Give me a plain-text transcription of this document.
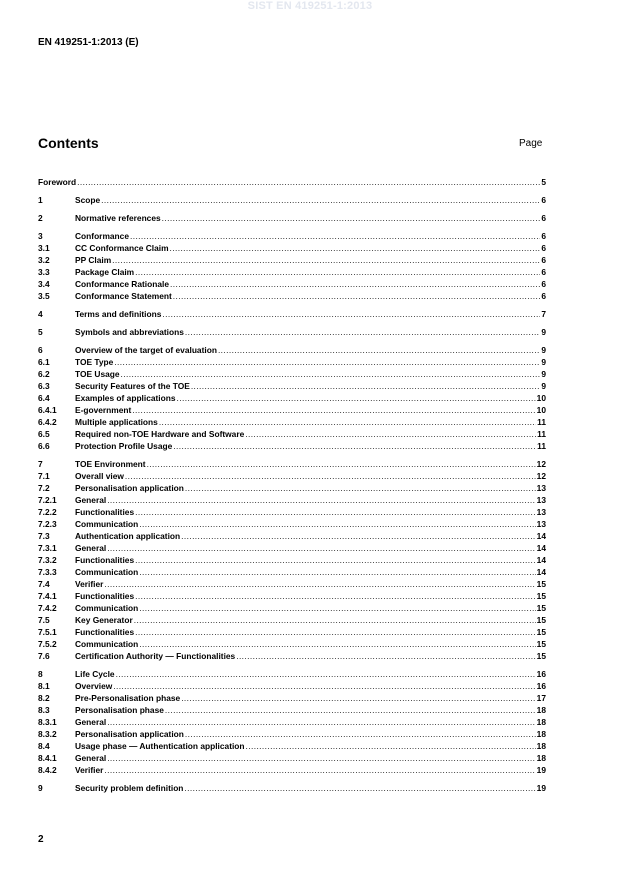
SIST EN 419251-1:2013
EN 419251-1:2013 (E)
Contents	Page
Foreword .....	5
1	Scope .....	6
2	Normative references .....	6
3	Conformance .....	6
3.1	CC Conformance Claim .....	6
3.2	PP Claim .....	6
3.3	Package Claim .....	6
3.4	Conformance Rationale .....	6
3.5	Conformance Statement .....	6
4	Terms and definitions .....	7
5	Symbols and abbreviations .....	9
6	Overview of the target of evaluation .....	9
6.1	TOE Type .....	9
6.2	TOE Usage .....	9
6.3	Security Features of the TOE .....	9
6.4	Examples of applications .....	10
6.4.1	E-government .....	10
6.4.2	Multiple applications .....	11
6.5	Required non-TOE Hardware and Software .....	11
6.6	Protection Profile Usage .....	11
7	TOE Environment .....	12
7.1	Overall view .....	12
7.2	Personalisation application .....	13
7.2.1	General .....	13
7.2.2	Functionalities .....	13
7.2.3	Communication .....	13
7.3	Authentication application .....	14
7.3.1	General .....	14
7.3.2	Functionalities .....	14
7.3.3	Communication .....	14
7.4	Verifier .....	15
7.4.1	Functionalities .....	15
7.4.2	Communication .....	15
7.5	Key Generator .....	15
7.5.1	Functionalities .....	15
7.5.2	Communication .....	15
7.6	Certification Authority — Functionalities .....	15
8	Life Cycle .....	16
8.1	Overview .....	16
8.2	Pre-Personalisation phase .....	17
8.3	Personalisation phase .....	18
8.3.1	General .....	18
8.3.2	Personalisation application .....	18
8.4	Usage phase — Authentication application .....	18
8.4.1	General .....	18
8.4.2	Verifier .....	19
9	Security problem definition .....	19
2
